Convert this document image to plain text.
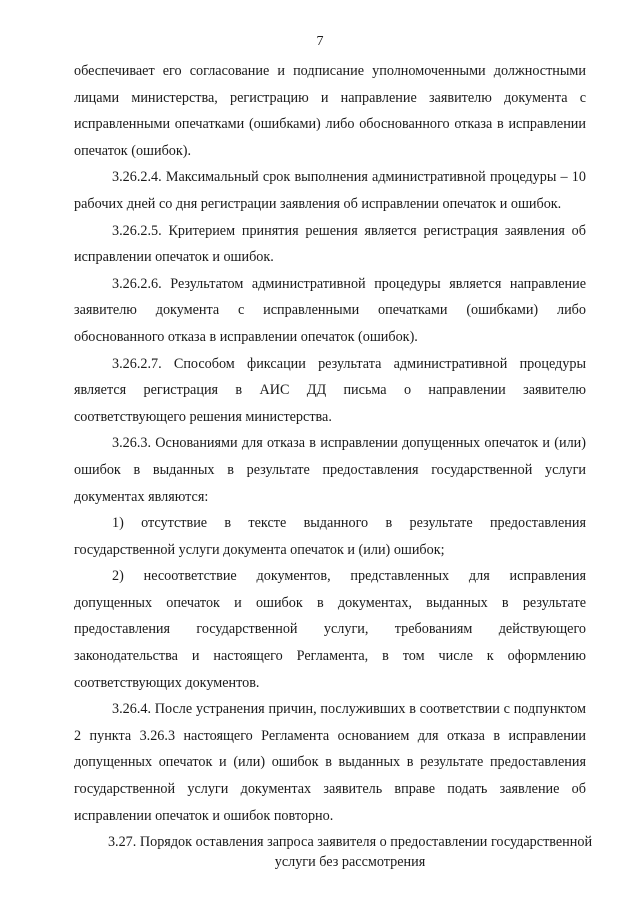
7

обеспечивает его согласование и подписание уполномоченными должностными лицами министерства, регистрацию и направление заявителю документа с исправленными опечатками (ошибками) либо обоснованного отказа в исправлении опечаток (ошибок).

3.26.2.4. Максимальный срок выполнения административной процедуры – 10 рабочих дней со дня регистрации заявления об исправлении опечаток и ошибок.

3.26.2.5. Критерием принятия решения является регистрация заявления об исправлении опечаток и ошибок.

3.26.2.6. Результатом административной процедуры является направление заявителю документа с исправленными опечатками (ошибками) либо обоснованного отказа в исправлении опечаток (ошибок).

3.26.2.7. Способом фиксации результата административной процедуры является регистрация в АИС ДД письма о направлении заявителю соответствующего решения министерства.

3.26.3. Основаниями для отказа в исправлении допущенных опечаток и (или) ошибок в выданных в результате предоставления государственной услуги документах являются:

1) отсутствие в тексте выданного в результате предоставления государственной услуги документа опечаток и (или) ошибок;

2) несоответствие документов, представленных для исправления допущенных опечаток и ошибок в документах, выданных в результате предоставления государственной услуги, требованиям действующего законодательства и настоящего Регламента, в том числе к оформлению соответствующих документов.

3.26.4. После устранения причин, послуживших в соответствии с подпунктом 2 пункта 3.26.3 настоящего Регламента основанием для отказа в исправлении допущенных опечаток и (или) ошибок в выданных в результате предоставления государственной услуги документах заявитель вправе подать заявление об исправлении опечаток и ошибок повторно.

3.27. Порядок оставления запроса заявителя о предоставлении государственной услуги без рассмотрения
